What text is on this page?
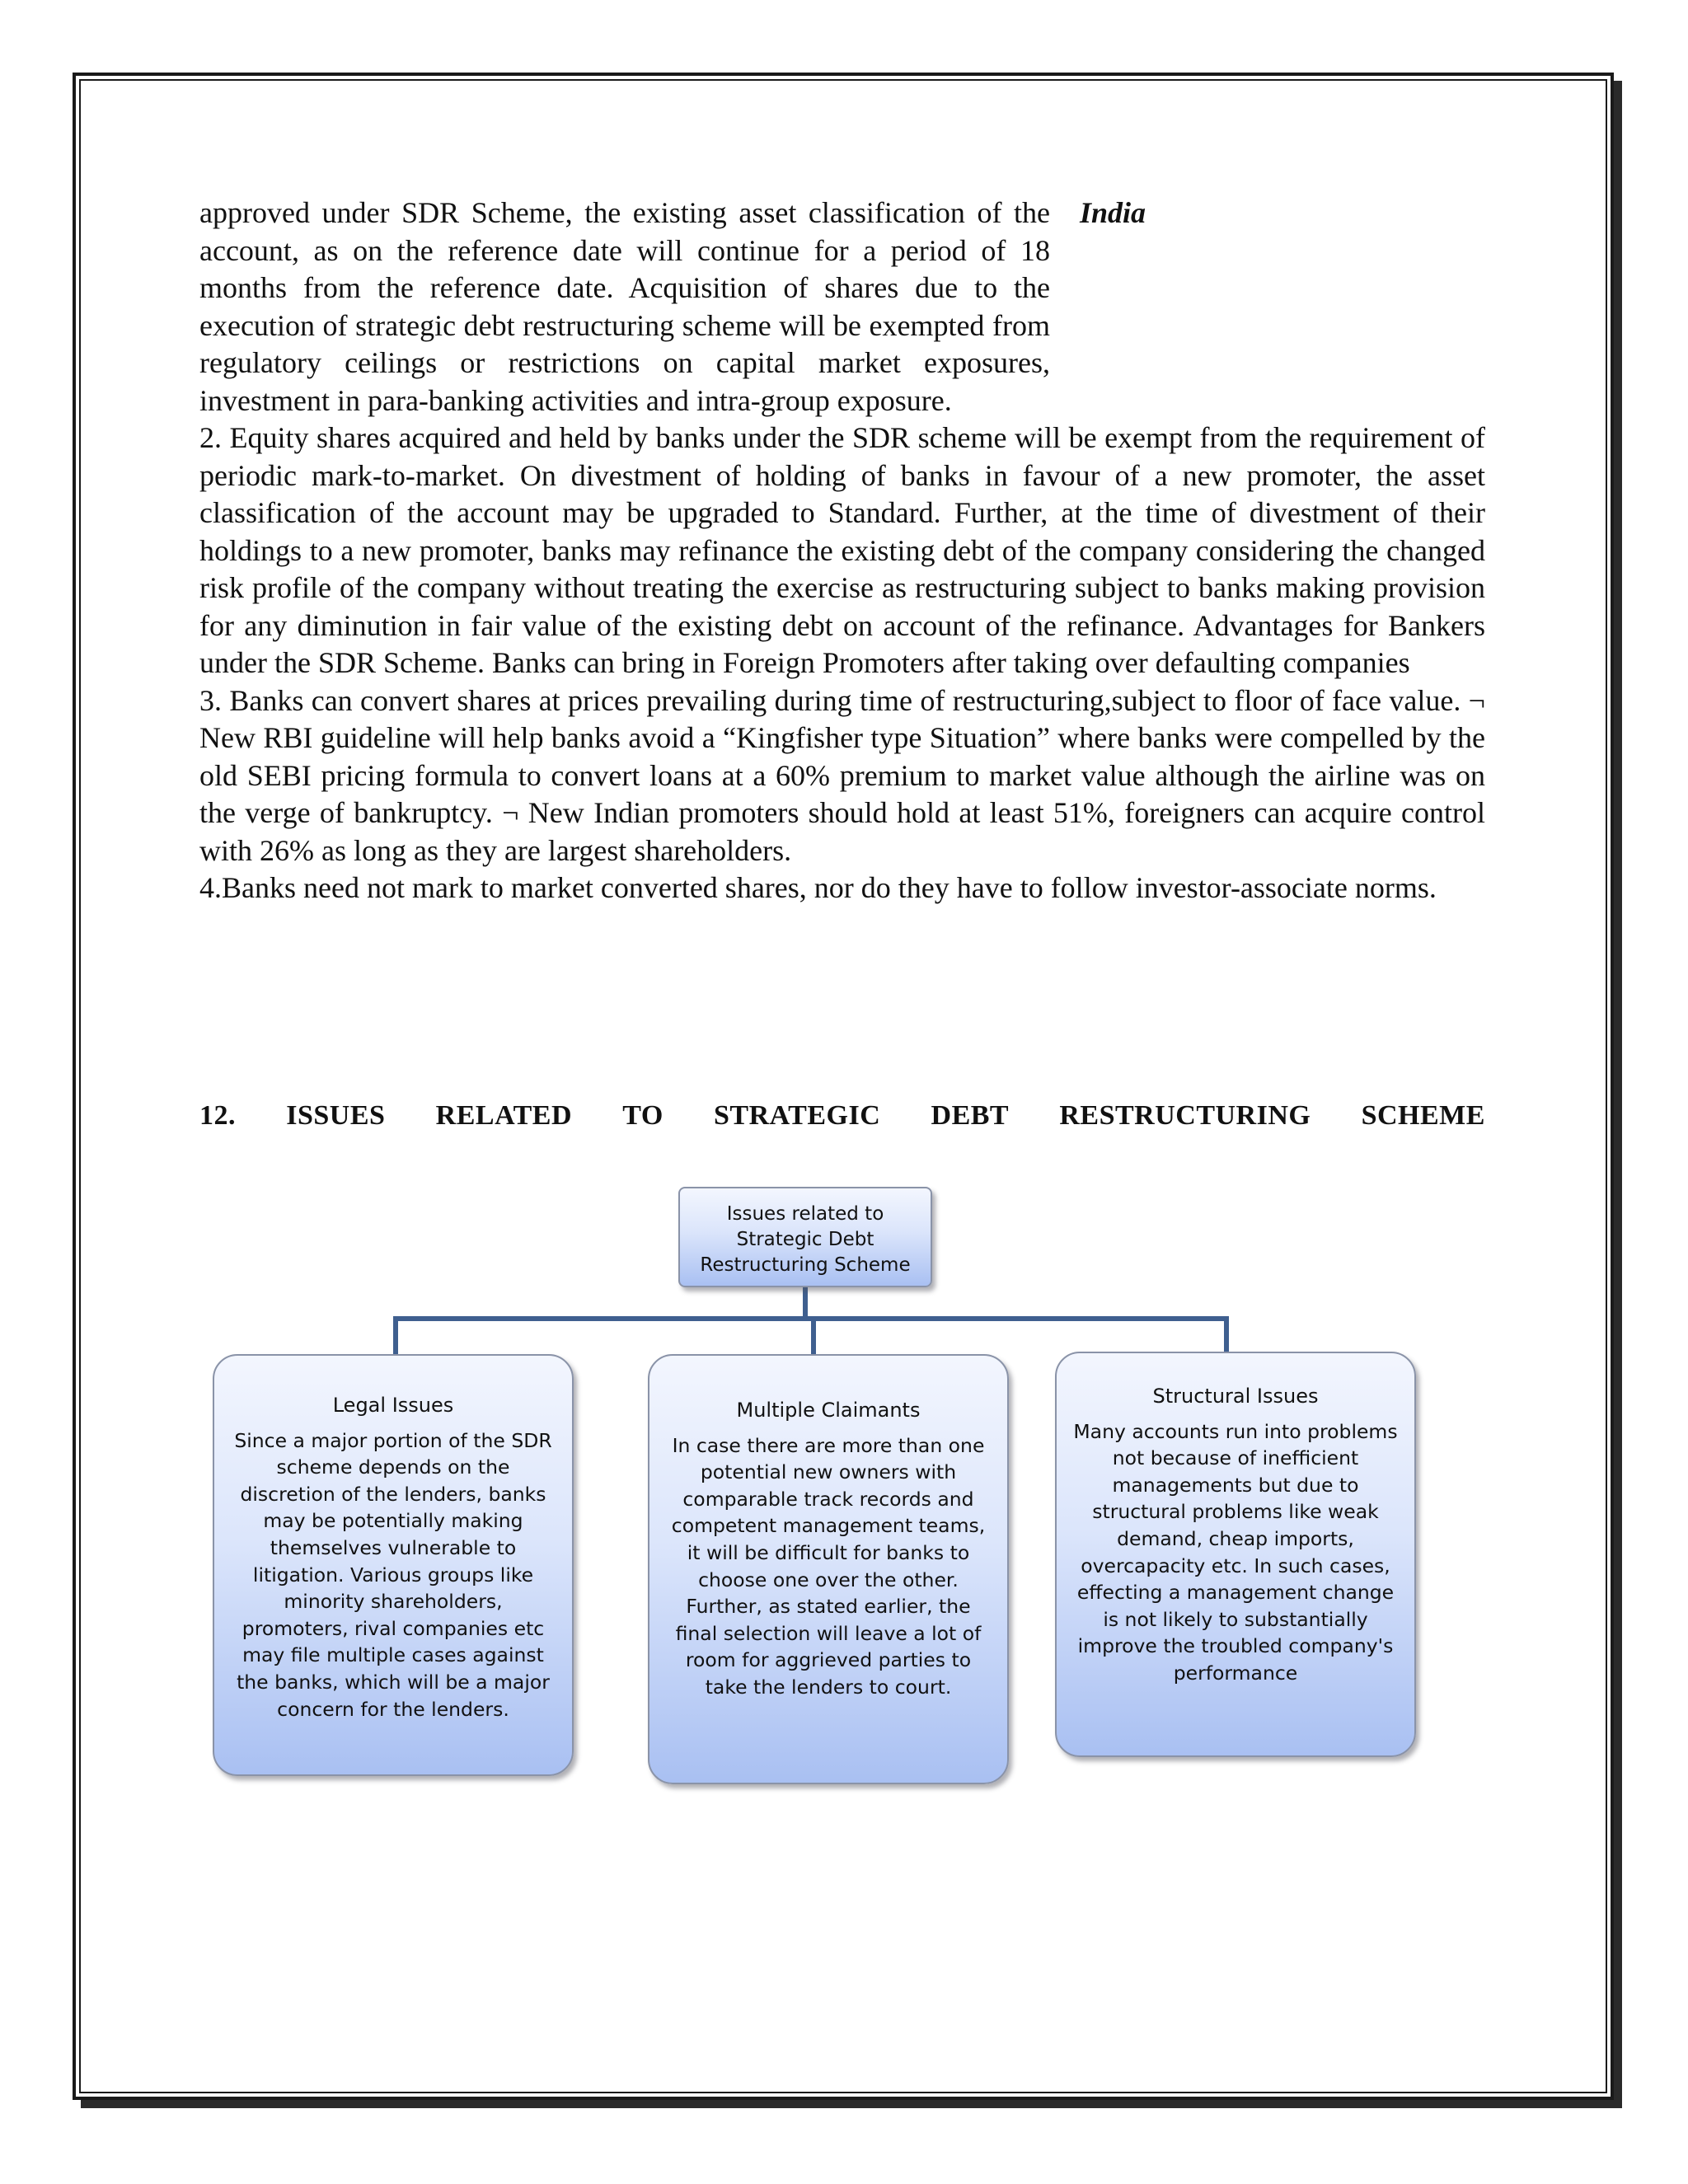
India

approved under SDR Scheme, the existing asset classification of the account, as on the reference date will continue for a period of 18 months from the reference date. Acquisition of shares due to the execution of strategic debt restructuring scheme will be exempted from regulatory ceilings or restrictions on capital market exposures, investment in para-banking activities and intra-group exposure.

2. Equity shares acquired and held by banks under the SDR scheme will be exempt from the requirement of periodic mark-to-market. On divestment of holding of banks in favour of a new promoter, the asset classification of the account may be upgraded to Standard. Further, at the time of divestment of their holdings to a new promoter, banks may refinance the existing debt of the company considering the changed risk profile of the company without treating the exercise as restructuring subject to banks making provision for any diminution in fair value of the existing debt on account of the refinance. Advantages for Bankers under the SDR Scheme. Banks can bring in Foreign Promoters after taking over defaulting companies

3. Banks can convert shares at prices prevailing during time of restructuring,subject to floor of face value. ¬ New RBI guideline will help banks avoid a “Kingfisher type Situation” where banks were compelled by the old SEBI pricing formula to convert loans at a 60% premium to market value although the airline was on the verge of bankruptcy. ¬ New Indian promoters should hold at least 51%, foreigners can acquire control with 26% as long as they are largest shareholders.

4.Banks need not mark to market converted shares, nor do they have to follow investor-associate norms.

12. ISSUES RELATED TO STRATEGIC DEBT RESTRUCTURING SCHEME
Issues related to
Strategic Debt
Restructuring Scheme
Legal Issues
Since a major portion of the SDR scheme depends on the discretion of the lenders, banks may be potentially making themselves vulnerable to litigation. Various groups like minority shareholders, promoters, rival companies etc may file multiple cases against the banks, which will be a major concern for the lenders.
Multiple Claimants
In case there are more than one potential new owners with comparable track records and competent management teams, it will be difficult for banks to choose one over the other. Further, as stated earlier, the final selection will leave a lot of room for aggrieved parties to take the lenders to court.
Structural Issues
Many accounts run into problems not because of inefficient managements but due to structural problems like weak demand, cheap imports, overcapacity etc. In such cases, effecting a management change is not likely to substantially improve the troubled company's performance
